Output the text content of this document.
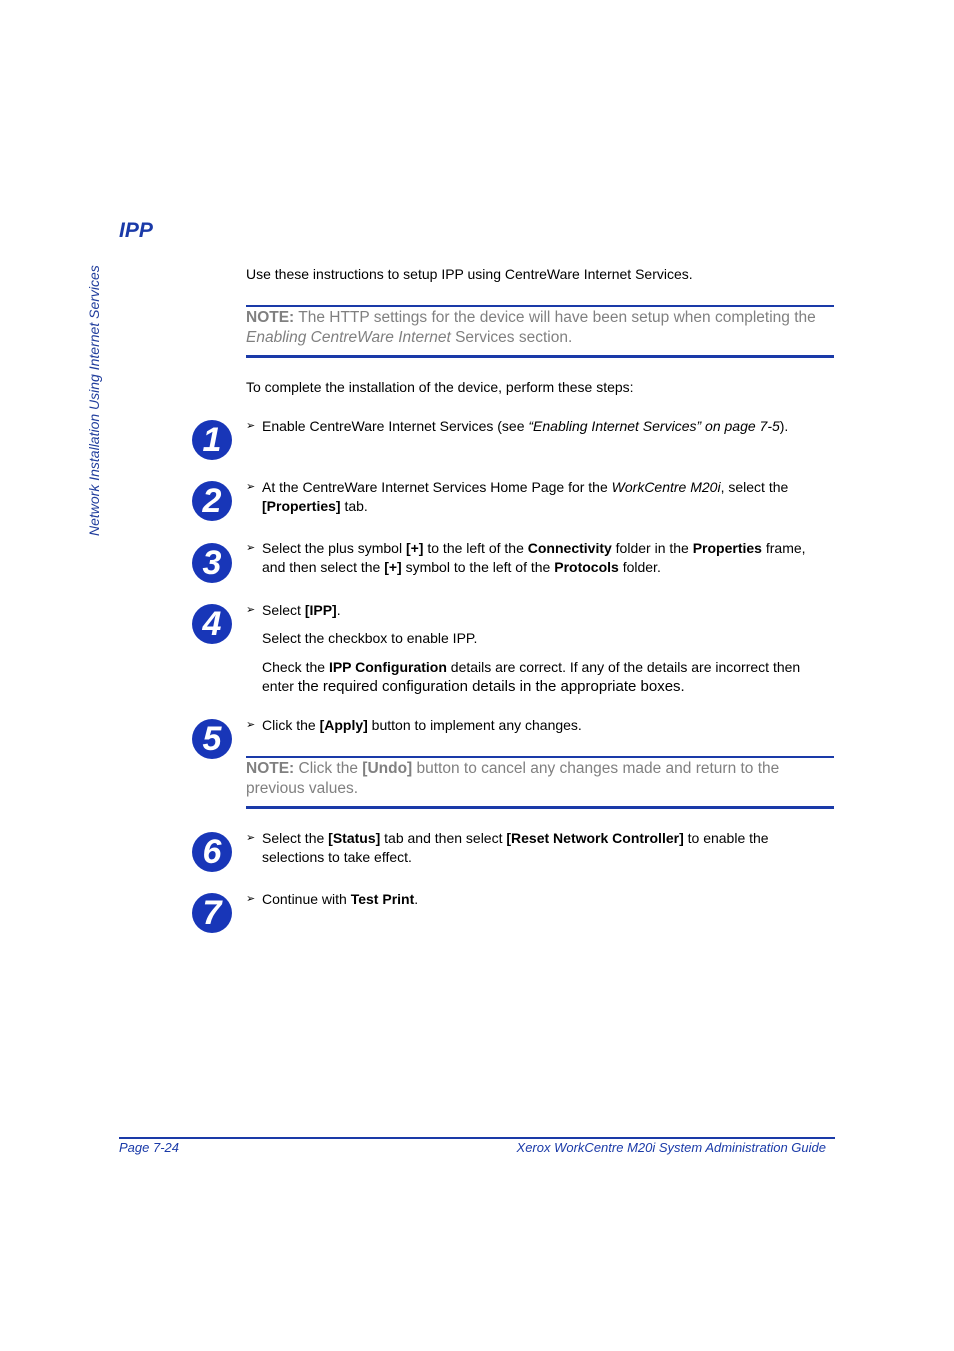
Network Installation Using Internet Services
IPP

Use these instructions to setup IPP using CentreWare Internet Services.

NOTE: The HTTP settings for the device will have been setup when completing the Enabling CentreWare Internet Services section.

To complete the installation of the device, perform these steps:

1	➢ Enable CentreWare Internet Services (see “Enabling Internet Services” on page 7-5).

2	➢ At the CentreWare Internet Services Home Page for the WorkCentre M20i, select the [Properties] tab.

3	➢ Select the plus symbol [+] to the left of the Connectivity folder in the Properties frame, and then select the [+] symbol to the left of the Protocols folder.

4	➢ Select [IPP].

Select the checkbox to enable IPP.

Check the IPP Configuration details are correct. If any of the details are incorrect then enter the required configuration details in the appropriate boxes.

5	➢ Click the [Apply] button to implement any changes.

NOTE: Click the [Undo] button to cancel any changes made and return to the previous values.
6	➢ Select the [Status] tab and then select [Reset Network Controller] to enable the selections to take effect.

7	➢ Continue with Test Print.

Page 7-24	Xerox WorkCentre M20i System Administration Guide
